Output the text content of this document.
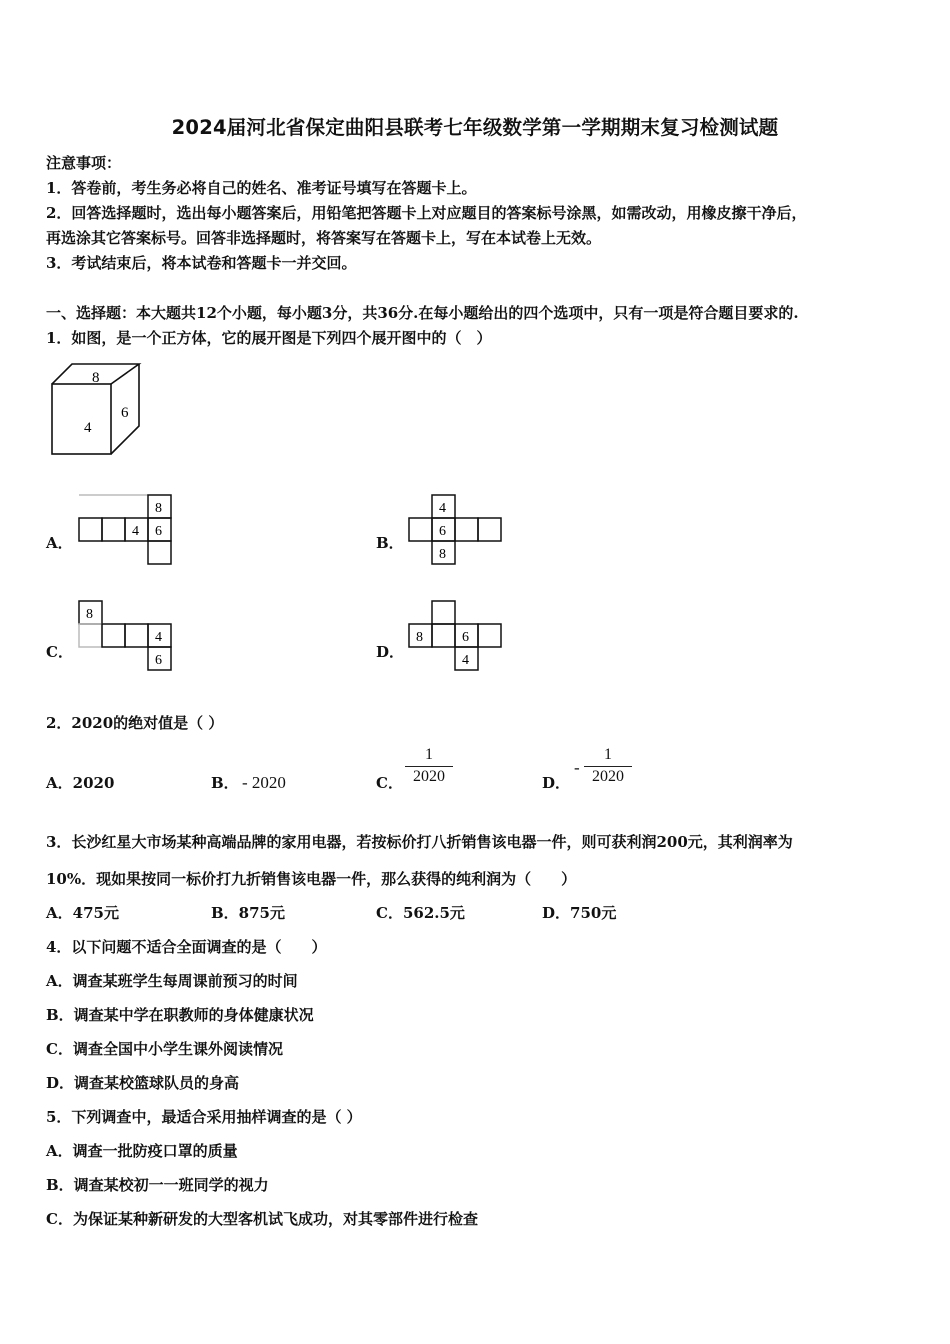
2024届河北省保定曲阳县联考七年级数学第一学期期末复习检测试题
注意事项：
1．答卷前，考生务必将自己的姓名、准考证号填写在答题卡上。
2．回答选择题时，选出每小题答案后，用铅笔把答题卡上对应题目的答案标号涂黑，如需改动，用橡皮擦干净后，
再选涂其它答案标号。回答非选择题时，将答案写在答题卡上，写在本试卷上无效。
3．考试结束后，将本试卷和答题卡一并交回。
一、选择题：本大题共12个小题，每小题3分，共36分.在每小题给出的四个选项中，只有一项是符合题目要求的.
1．如图，是一个正方体，它的展开图是下列四个展开图中的（　）
8
4
6
A．
8
4 6
B．
4
6
8
C．
8
4
6	D．
8	6
4
2．2020的绝对值是（ ）
A．2020	B． - 2020	C．
1
2020	D．
-
1
2020
3．长沙红星大市场某种高端品牌的家用电器，若按标价打八折销售该电器一件，则可获利润200元，其利润率为
10%．现如果按同一标价打九折销售该电器一件，那么获得的纯利润为（　　）
A．475元	B．875元	C．562.5元	D．750元
4．以下问题不适合全面调查的是（　　）
A．调查某班学生每周课前预习的时间
B．调查某中学在职教师的身体健康状况
C．调查全国中小学生课外阅读情况
D．调查某校篮球队员的身高
5．下列调查中，最适合采用抽样调查的是（ ）
A．调查一批防疫口罩的质量
B．调查某校初一一班同学的视力
C．为保证某种新研发的大型客机试飞成功，对其零部件进行检查
